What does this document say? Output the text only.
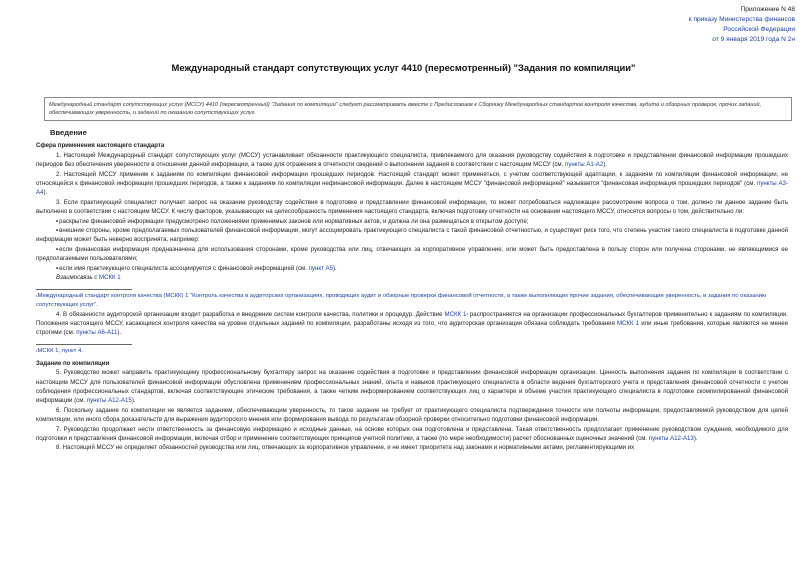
Приложение N 48
к приказу Министерства финансов
Российской Федерации
от 9 января 2019 года N 2н
Международный стандарт сопутствующих услуг 4410 (пересмотренный) "Задания по компиляции"
Международный стандарт сопутствующих услуг (МССУ) 4410 (пересмотренный) "Задания по компиляции" следует рассматривать вместе с Предисловием к Сборнику Международных стандартов контроля качества, аудита и обзорных проверок, прочих заданий, обеспечивающих уверенность, и заданий по оказанию сопутствующих услуг.

Введение

Сфера применения настоящего стандарта

1. Настоящий Международный стандарт сопутствующих услуг (МССУ) устанавливает обязанности практикующего специалиста, привлекаемого для оказания руководству содействия в подготовке и представлении финансовой информации прошедших периодов без обеспечения уверенности в отношении данной информации, а также для отражения в отчетности сведений о выполнении задания в соответствии с настоящим МССУ (см. пункты А1-А2).

2. Настоящий МССУ применим к заданиям по компиляции финансовой информации прошедших периодов. Настоящий стандарт может применяться, с учетом соответствующей адаптации, к заданиям по компиляции финансовой информации, не относящейся к финансовой информации прошедших периодов, а также к заданиям по компиляции нефинансовой информации. Далее в настоящем МССУ "финансовой информацией" называется "финансовая информация прошедших периодов" (см. пункты А3-А4).

3. Если практикующий специалист получает запрос на оказание руководству содействия в подготовке и представлении финансовой информации, то может потребоваться надлежащее рассмотрение вопроса о том, должно ли данное задание быть выполнено в соответствии с настоящим МССУ. К числу факторов, указывающих на целесообразность применения настоящего стандарта, включая подготовку отчетности на основании настоящего МССУ, относятся вопросы о том, действительно ли:

•раскрытие финансовой информации предусмотрено положениями применимых законов или нормативных актов, и должна ли она размещаться в открытом доступе;

•внешние стороны, кроме предполагаемых пользователей финансовой информации, могут ассоциировать практикующего специалиста с такой финансовой отчетностью, и существует риск того, что степень участия такого специалиста в подготовке данной информации может быть неверно воспринята, например:

•если финансовая информация предназначена для использования сторонами, кроме руководства или лиц, отвечающих за корпоративное управление, или может быть предоставлена в пользу сторон или получена сторонами, не являющимися ее предполагаемыми пользователями;

•если имя практикующего специалиста ассоциируется с финансовой информацией (см. пункт А5).

Взаимосвязь с МСКК 1

$^{^1}$Международный стандарт контроля качества (МСКК) 1 "Контроль качества в аудиторских организациях, проводящих аудит и обзорные проверки финансовой отчетности, а также выполняющих прочие задания, обеспечивающие уверенность, и задания по оказанию сопутствующих услуг".

4. В обязанности аудиторской организации входит разработка и внедрение систем контроля качества, политики и процедур. Действие МСКК $1^{^1}$ распространяется на организации профессиональных бухгалтеров применительно к заданиям по компиляции. Положения настоящего МССУ, касающиеся контроля качества на уровне отдельных заданий по компиляции, разработаны исходя из того, что аудиторская организация обязана соблюдать требования МСКК 1 или иные требования, которые являются не менее строгими (см. пункты А6-А11).

$^{^1}$МСКК 1, пункт 4.

Задание по компиляции

5. Руководство может направить практикующему профессиональному бухгалтеру запрос на оказание содействия в подготовке и представлении финансовой информации организации. Ценность выполнения задания по компиляции в соответствии с настоящим МССУ для пользователей финансовой информации обусловлена применением профессиональных знаний, опыта и навыков практикующего специалиста в области ведения бухгалтерского учета и представления финансовой отчетности с учетом соблюдения профессиональных стандартов, включая соответствующие этические требования, а также четким информированием соответствующих лиц о характере и объеме участия практикующего специалиста в подготовке скомпилированной финансовой информации (см. пункты А12-А15).

6. Поскольку задание по компиляции не является заданием, обеспечивающим уверенность, то такое задание не требует от практикующего специалиста подтверждения точности или полноты информации, предоставляемой руководством для целей компиляции, или иного сбора доказательств для выражения аудиторского мнения или формирования вывода по результатам обзорной проверки относительно подготовки финансовой информации.

7. Руководство продолжает нести ответственность за финансовую информацию и исходные данные, на основе которых она подготовлена и представлена. Такая ответственность предполагает применение руководством суждения, необходимого для подготовки и представления финансовой информации, включая отбор и применение соответствующих принципов учетной политики, а также (по мере необходимости) расчет обоснованных оценочных значений (см. пункты А12-А13).

8. Настоящий МССУ не определяет обязанностей руководства или лиц, отвечающих за корпоративное управление, и не имеет приоритета над законами и нормативными актами, регламентирующими их
